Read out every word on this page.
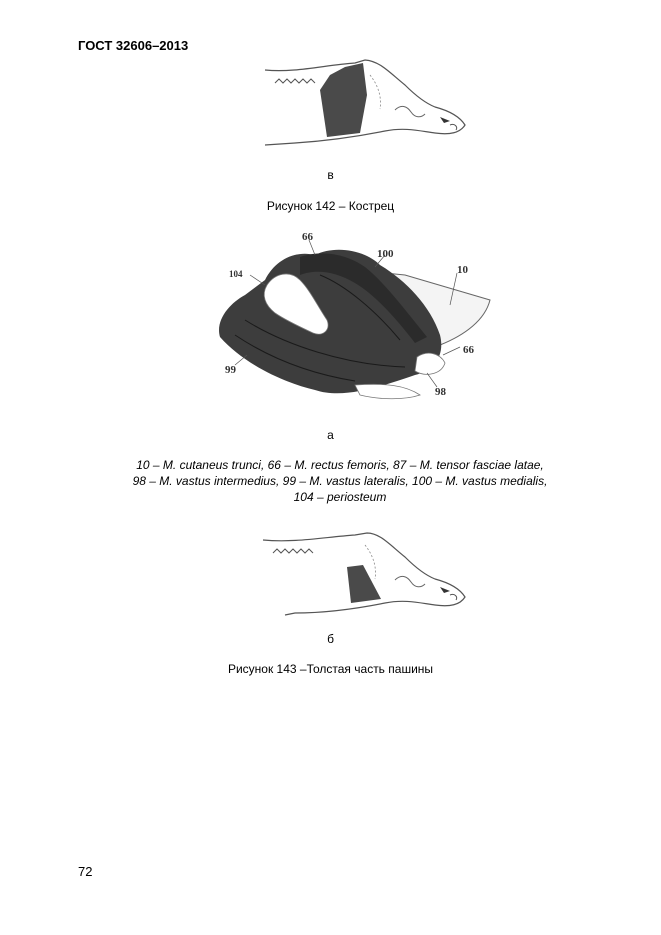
ГОСТ 32606–2013
в
Рисунок 142 – Кострец
66
100
10
104
66
99
98
а
10 – M. cutaneus trunci, 66 – M. rectus femoris, 87 – M. tensor fasciae latae,
98 – M. vastus intermedius, 99 – M. vastus lateralis, 100 – M. vastus medialis,
104 – periosteum
б
Рисунок 143 –Толстая часть пашины
72
